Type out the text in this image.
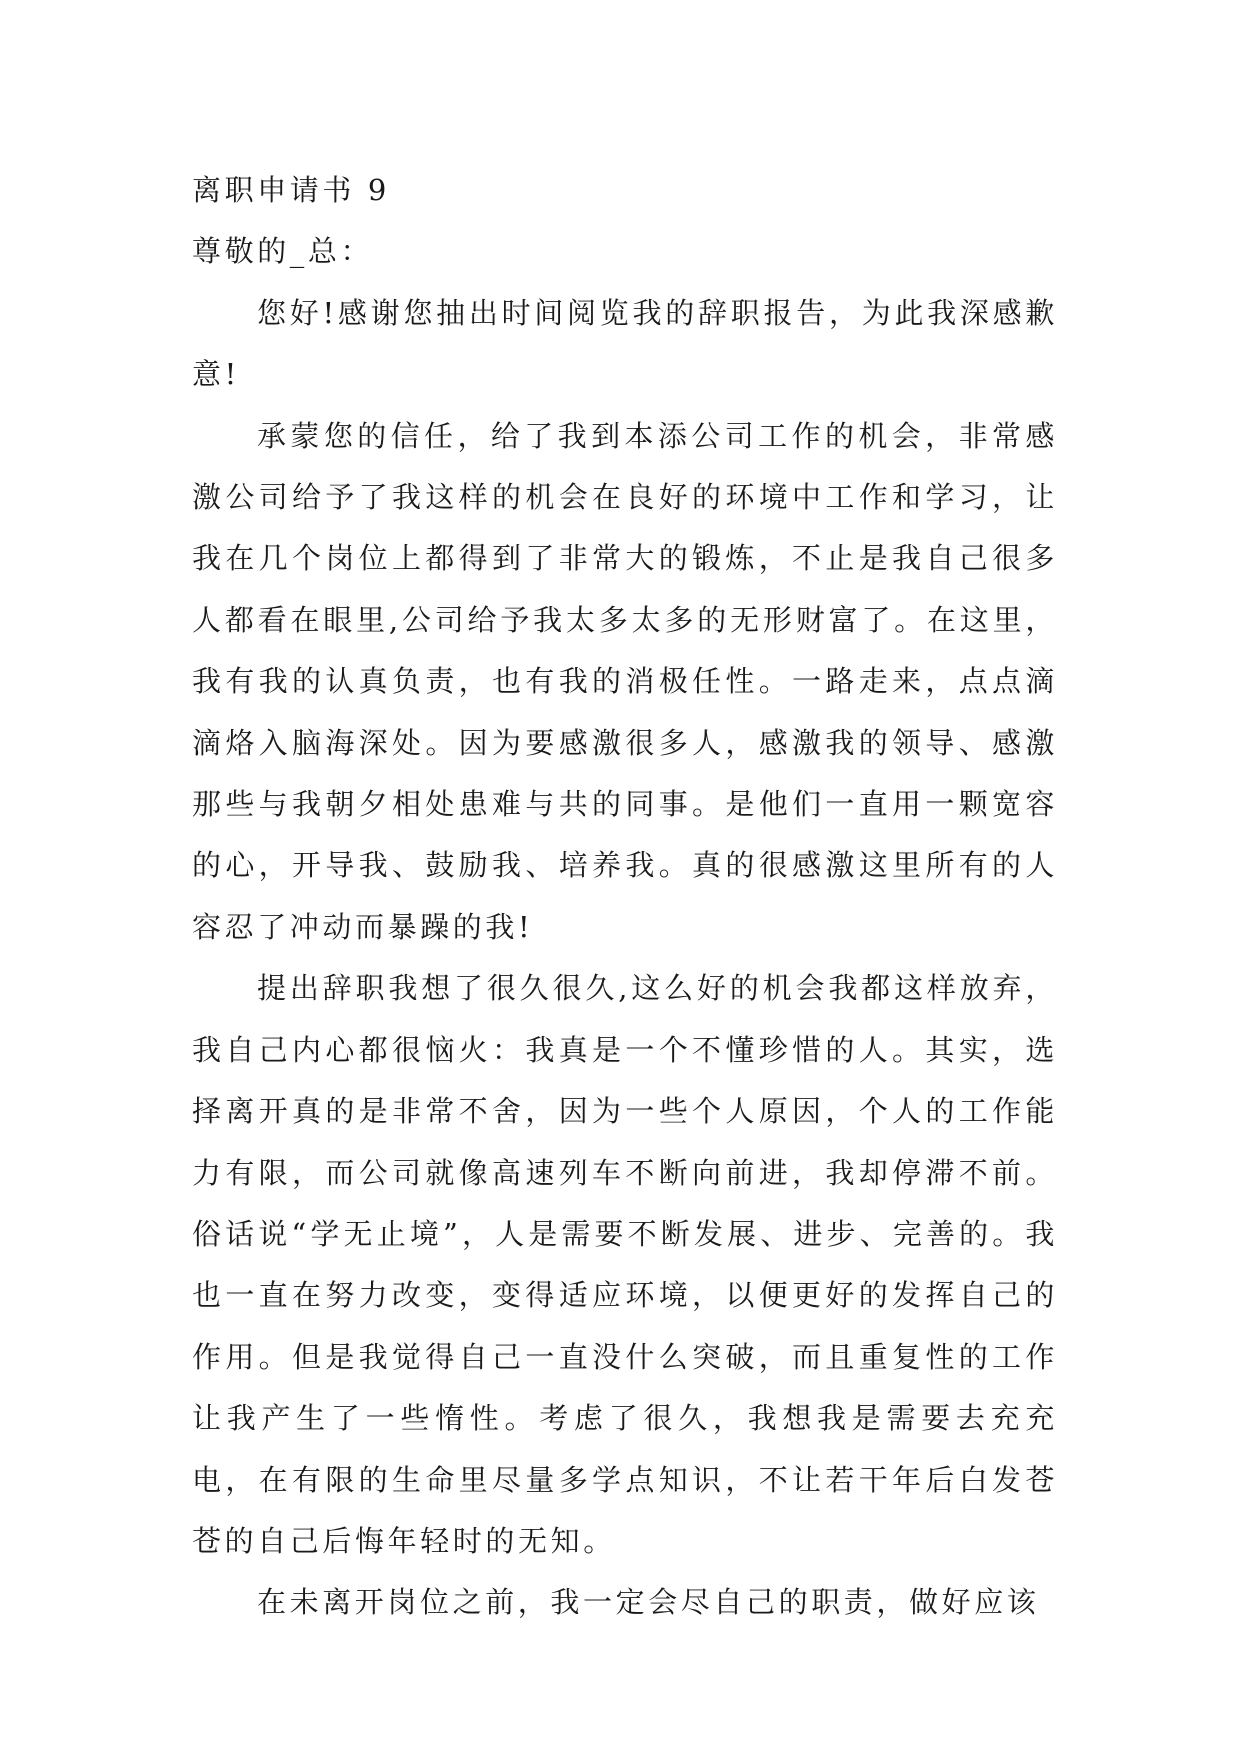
离职申请书 9

尊敬的_总：

您好!感谢您抽出时间阅览我的辞职报告，为此我深感歉意!

承蒙您的信任，给了我到本添公司工作的机会，非常感激公司给予了我这样的机会在良好的环境中工作和学习，让我在几个岗位上都得到了非常大的锻炼，不止是我自己很多人都看在眼里,公司给予我太多太多的无形财富了。在这里，我有我的认真负责，也有我的消极任性。一路走来，点点滴滴烙入脑海深处。因为要感激很多人，感激我的领导、感激那些与我朝夕相处患难与共的同事。是他们一直用一颗宽容的心，开导我、鼓励我、培养我。真的很感激这里所有的人容忍了冲动而暴躁的我!

提出辞职我想了很久很久,这么好的机会我都这样放弃，我自己内心都很恼火：我真是一个不懂珍惜的人。其实，选择离开真的是非常不舍，因为一些个人原因，个人的工作能力有限，而公司就像高速列车不断向前进，我却停滞不前。俗话说“学无止境”，人是需要不断发展、进步、完善的。我也一直在努力改变，变得适应环境，以便更好的发挥自己的作用。但是我觉得自己一直没什么突破，而且重复性的工作让我产生了一些惰性。考虑了很久，我想我是需要去充充电，在有限的生命里尽量多学点知识，不让若干年后白发苍苍的自己后悔年轻时的无知。

在未离开岗位之前，我一定会尽自己的职责，做好应该
